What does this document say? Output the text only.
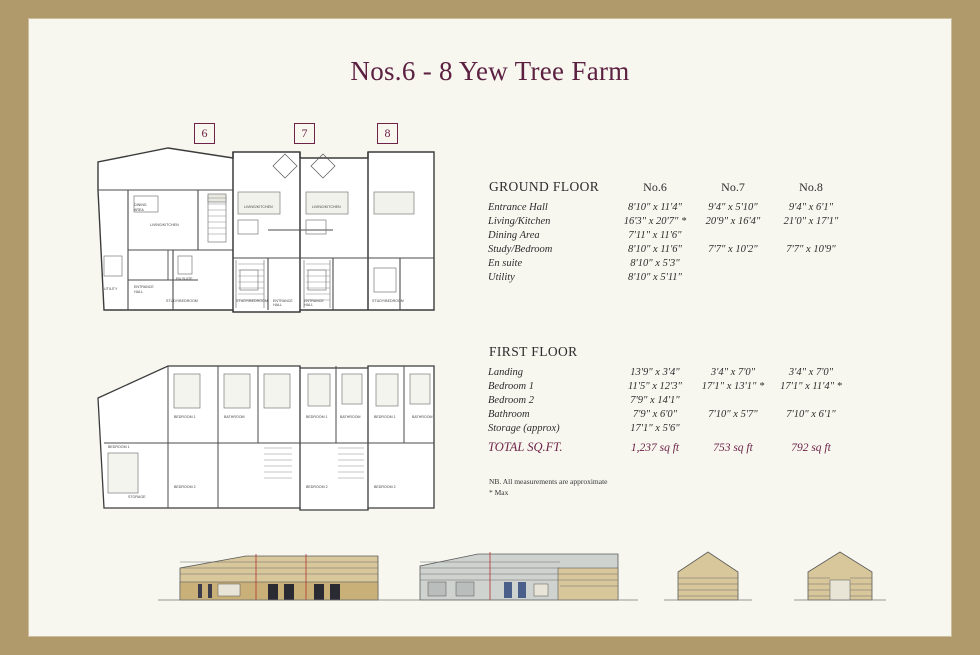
Nos.6 - 8 Yew Tree Farm
6	7	8
DINING
AREA
LIVING/KITCHEN
UTILITY	ENTRANCE
HALL
EN SUITE
STUDY/BEDROOM
LIVING/KITCHEN	LIVING/KITCHEN
STUDY/BEDROOM ENTRANCE
HALL
ENTRANCE
HALL
STUDY/BEDROOM
BEDROOM 1
BEDROOM 1	BATHROOM
BEDROOM 2
STORAGE
BEDROOM 1	BATHROOM	BEDROOM 1	BATHROOM
BEDROOM 2	BEDROOM 2
GROUND FLOOR	No.6	No.7	No.8
Entrance Hall	8'10" x 11'4"	9'4" x 5'10"	9'4" x 6'1"
Living/Kitchen	16'3" x 20'7" *	20'9" x 16'4"	21'0" x 17'1"
Dining Area	7'11" x 11'6"		
Study/Bedroom	8'10" x 11'6"	7'7" x 10'2"	7'7" x 10'9"
En suite	8'10" x 5'3"		
Utility	8'10" x 5'11"		
FIRST FLOOR			
Landing	13'9" x 3'4"	3'4" x 7'0"	3'4" x 7'0"
Bedroom 1	11'5" x 12'3"	17'1" x 13'1" *	17'1" x 11'4" *
Bedroom 2	7'9" x 14'1"		
Bathroom	7'9" x 6'0"	7'10" x 5'7"	7'10" x 6'1"
Storage (approx)	17'1" x 5'6"		
TOTAL SQ.FT.	1,237 sq ft	753 sq ft	792 sq ft
NB. All measurements are approximate
* Max
